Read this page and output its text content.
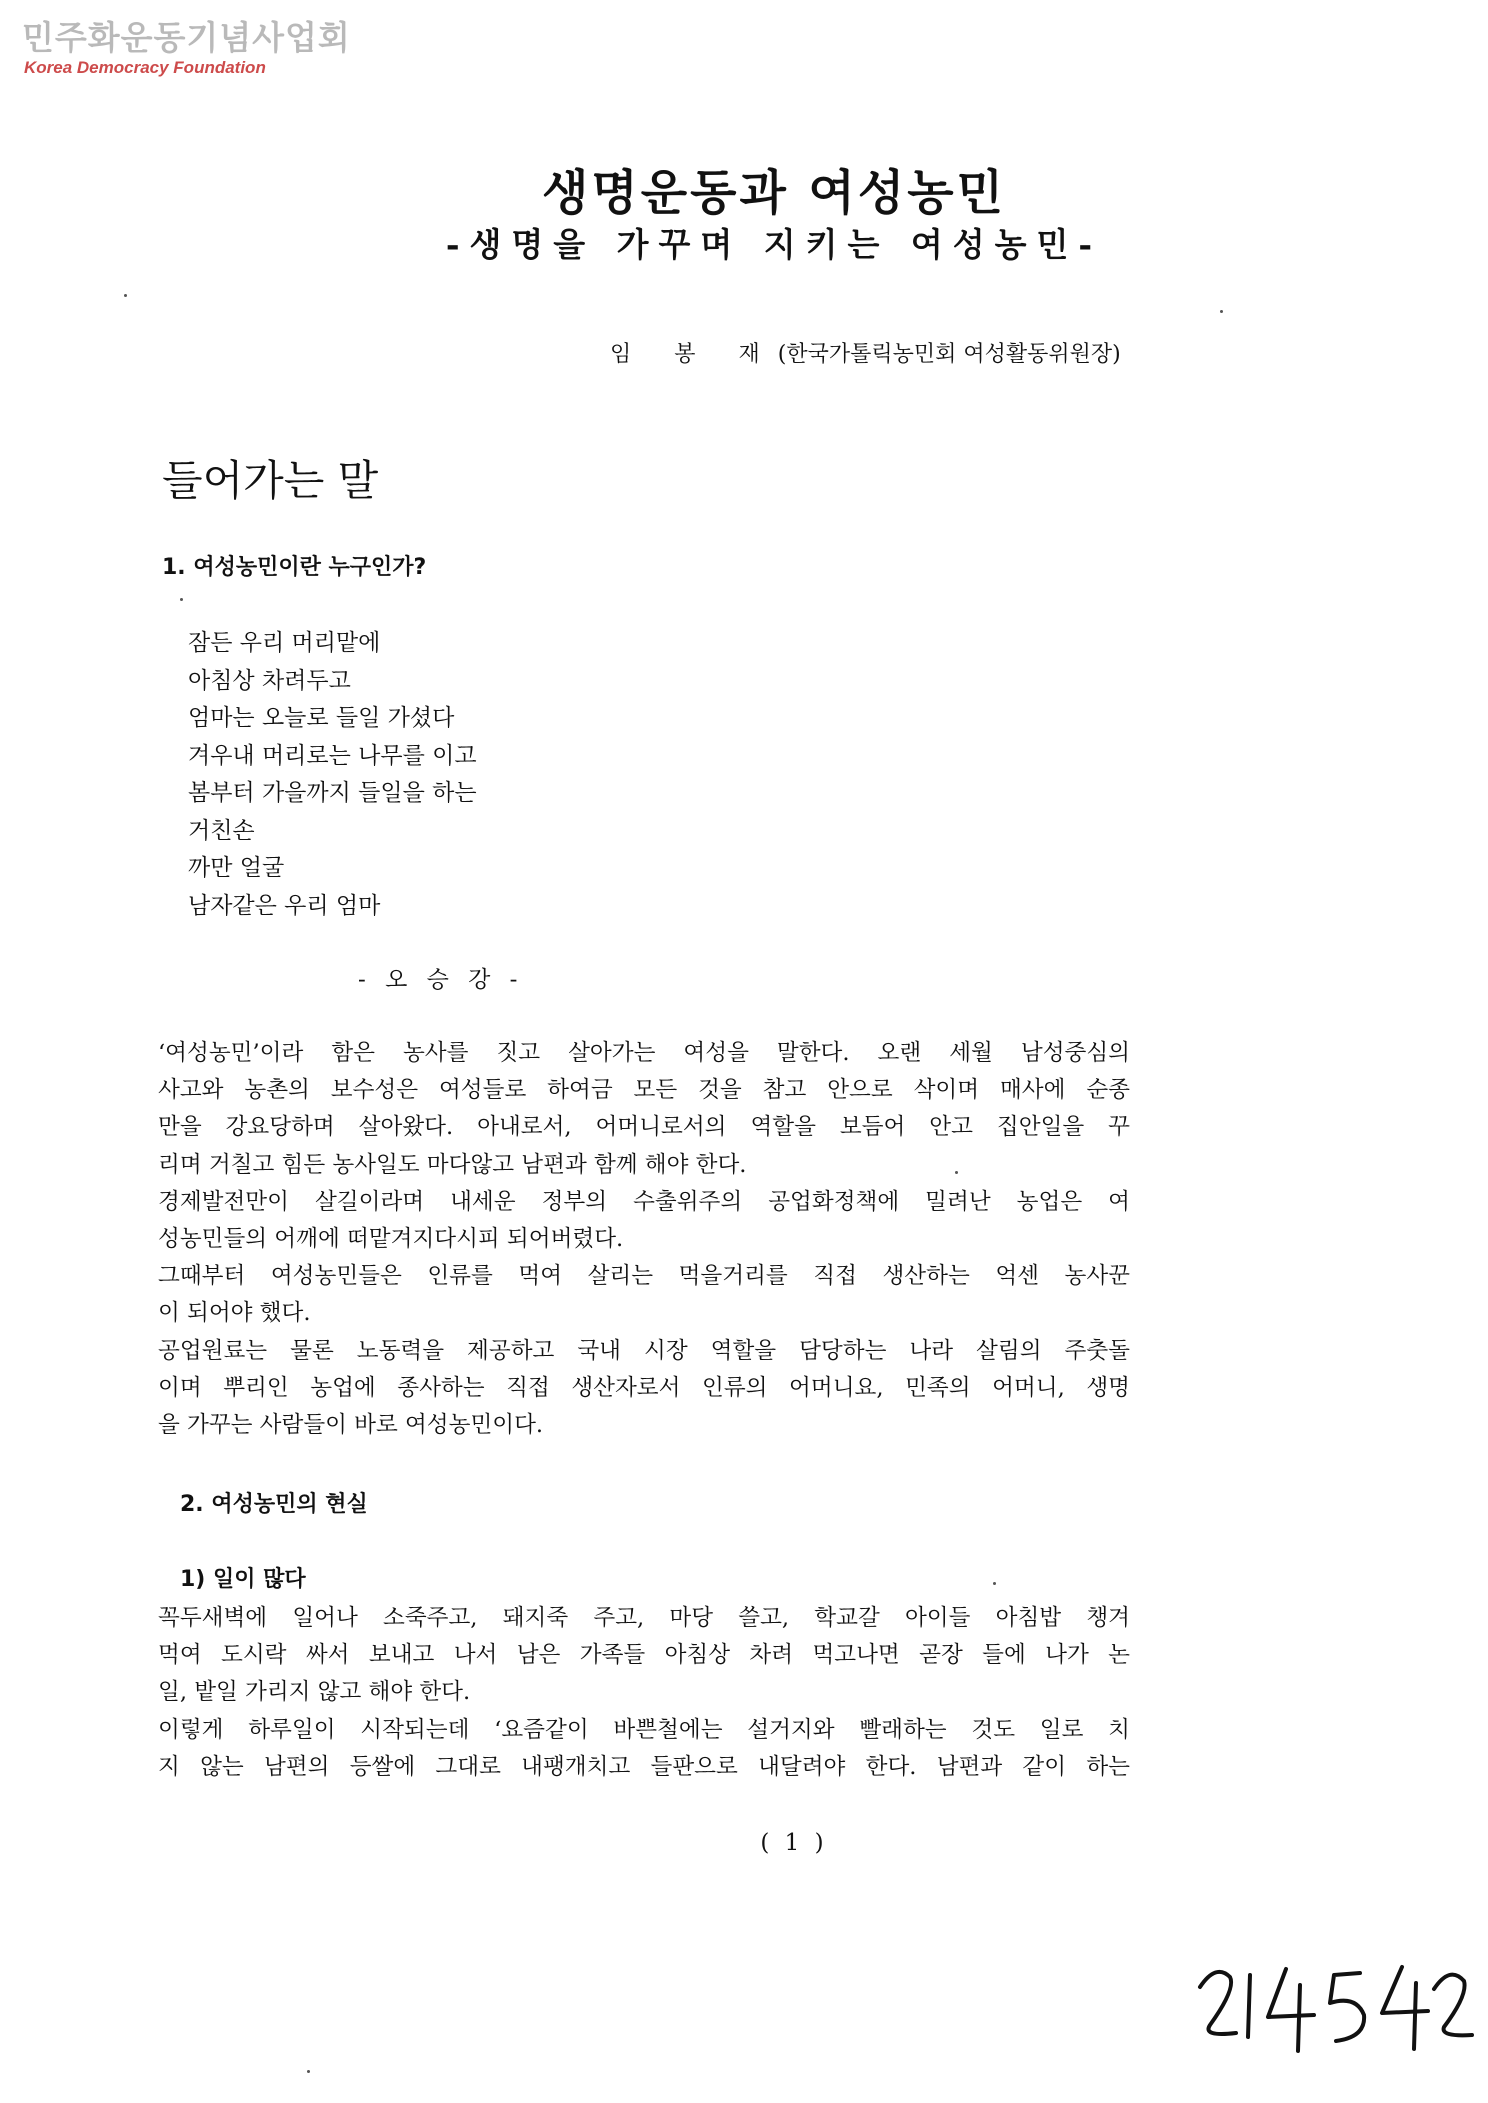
민주화운동기념사업회
Korea Democracy Foundation
생명운동과 여성농민
-생명을 가꾸며 지키는 여성농민-
임 봉 재(한국가톨릭농민회 여성활동위원장)
들어가는 말
1. 여성농민이란 누구인가?
잠든 우리 머리맡에
아침상 차려두고
엄마는 오늘로 들일 가셨다
겨우내 머리로는 나무를 이고
봄부터 가을까지 들일을 하는
거친손
까만 얼굴
남자같은 우리 엄마
- 오 승 강 -
‘여성농민’이라 함은 농사를 짓고 살아가는 여성을 말한다. 오랜 세월 남성중심의
사고와 농촌의 보수성은 여성들로 하여금 모든 것을 참고 안으로 삭이며 매사에 순종
만을 강요당하며 살아왔다. 아내로서, 어머니로서의 역할을 보듬어 안고 집안일을 꾸
리며 거칠고 힘든 농사일도 마다않고 남편과 함께 해야 한다.
경제발전만이 살길이라며 내세운 정부의 수출위주의 공업화정책에 밀려난 농업은 여
성농민들의 어깨에 떠맡겨지다시피 되어버렸다.
그때부터 여성농민들은 인류를 먹여 살리는 먹을거리를 직접 생산하는 억센 농사꾼
이 되어야 했다.
공업원료는 물론 노동력을 제공하고 국내 시장 역할을 담당하는 나라 살림의 주춧돌
이며 뿌리인 농업에 종사하는 직접 생산자로서 인류의 어머니요, 민족의 어머니, 생명
을 가꾸는 사람들이 바로 여성농민이다.
2. 여성농민의 현실
1) 일이 많다
꼭두새벽에 일어나 소죽주고, 돼지죽 주고, 마당 쓸고, 학교갈 아이들 아침밥 챙겨
먹여 도시락 싸서 보내고 나서 남은 가족들 아침상 차려 먹고나면 곧장 들에 나가 논
일, 밭일 가리지 않고 해야 한다.
이렇게 하루일이 시작되는데 ‘요즘같이 바쁜철에는 설거지와 빨래하는 것도 일로 치
지 않는 남편의 등쌀에 그대로 내팽개치고 들판으로 내달려야 한다. 남편과 같이 하는
( 1 )
